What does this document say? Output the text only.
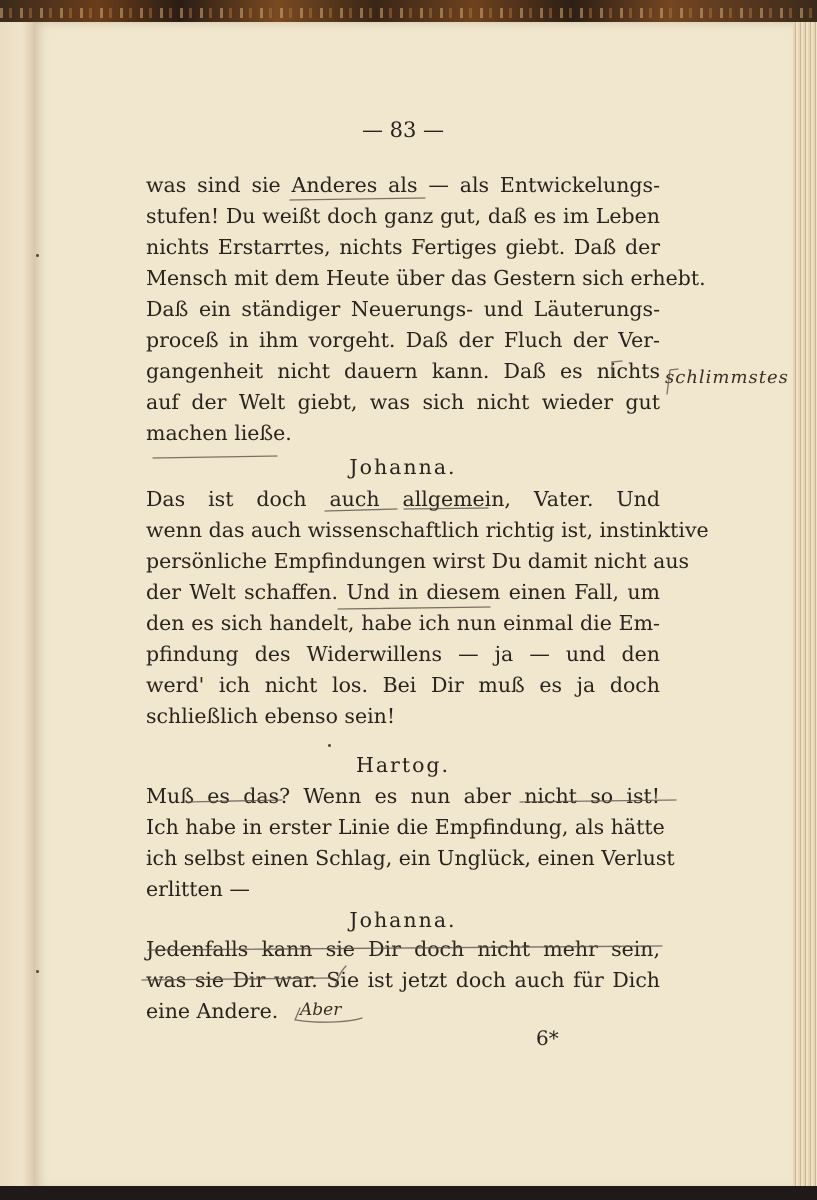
— 83 —
was sind sie Anderes als — als Entwickelungs-
stufen! Du weißt doch ganz gut, daß es im Leben
nichts Erstarrtes, nichts Fertiges giebt. Daß der
Mensch mit dem Heute über das Gestern sich erhebt.
Daß ein ständiger Neuerungs- und Läuterungs-
proceß in ihm vorgeht. Daß der Fluch der Ver-
gangenheit nicht dauern kann. Daß es nichts
auf der Welt giebt, was sich nicht wieder gut
machen ließe.
Johanna.
Das ist doch auch allgemein, Vater. Und
wenn das auch wissenschaftlich richtig ist, instinktive
persönliche Empfindungen wirst Du damit nicht aus
der Welt schaffen. Und in diesem einen Fall, um
den es sich handelt, habe ich nun einmal die Em-
pfindung des Widerwillens — ja — und den
werd' ich nicht los. Bei Dir muß es ja doch
schließlich ebenso sein!
Hartog.
Muß es das? Wenn es nun aber nicht so ist!
Ich habe in erster Linie die Empfindung, als hätte
ich selbst einen Schlag, ein Unglück, einen Verlust
erlitten —
Johanna.
Jedenfalls kann sie Dir doch nicht mehr sein,
was sie Dir war. Sie ist jetzt doch auch für Dich
eine Andere.
6*
schlimmstes
Aber
